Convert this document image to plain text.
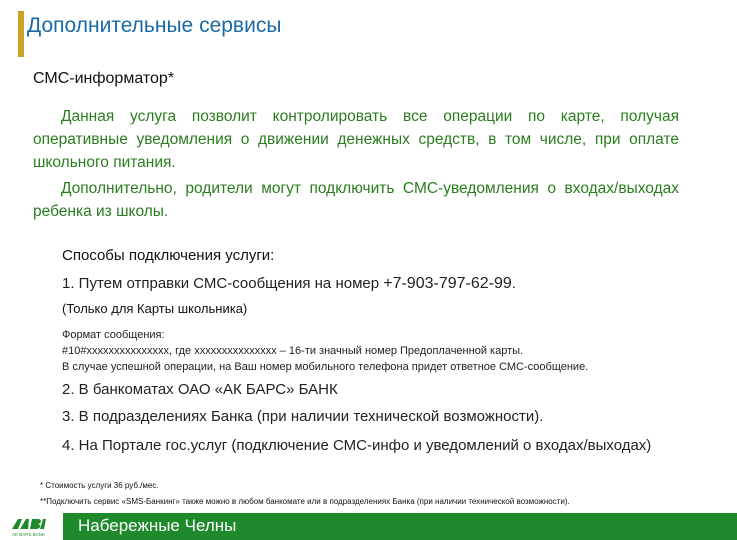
Дополнительные сервисы
СМС-информатор*
Данная услуга позволит контролировать все операции по карте, получая оперативные уведомления о движении денежных средств, в том числе, при оплате школьного питания.
Дополнительно, родители могут подключить СМС-уведомления о входах/выходах ребенка из школы.
Способы подключения услуги:
1. Путем отправки СМС-сообщения на номер +7-903-797-62-99.
(Только для Карты школьника)
Формат сообщения:
#10#xxxxxxxxxxxxxxx, где xxxxxxxxxxxxxxx – 16-ти значный номер Предоплаченной карты.
В случае успешной операции, на Ваш номер мобильного телефона придет ответное СМС-сообщение.
2. В банкоматах ОАО «АК БАРС» БАНК
3. В подразделениях Банка (при наличии технической возможности).
4. На Портале гос.услуг (подключение СМС-инфо и уведомлений о входах/выходах)
* Стоимость услуги 36 руб./мес.
**Подключить сервис «SMS-Банкинг» также можно в любом банкомате или в подразделениях Банка (при наличии технической возможности).
AK BARS BANK Набережные Челны
